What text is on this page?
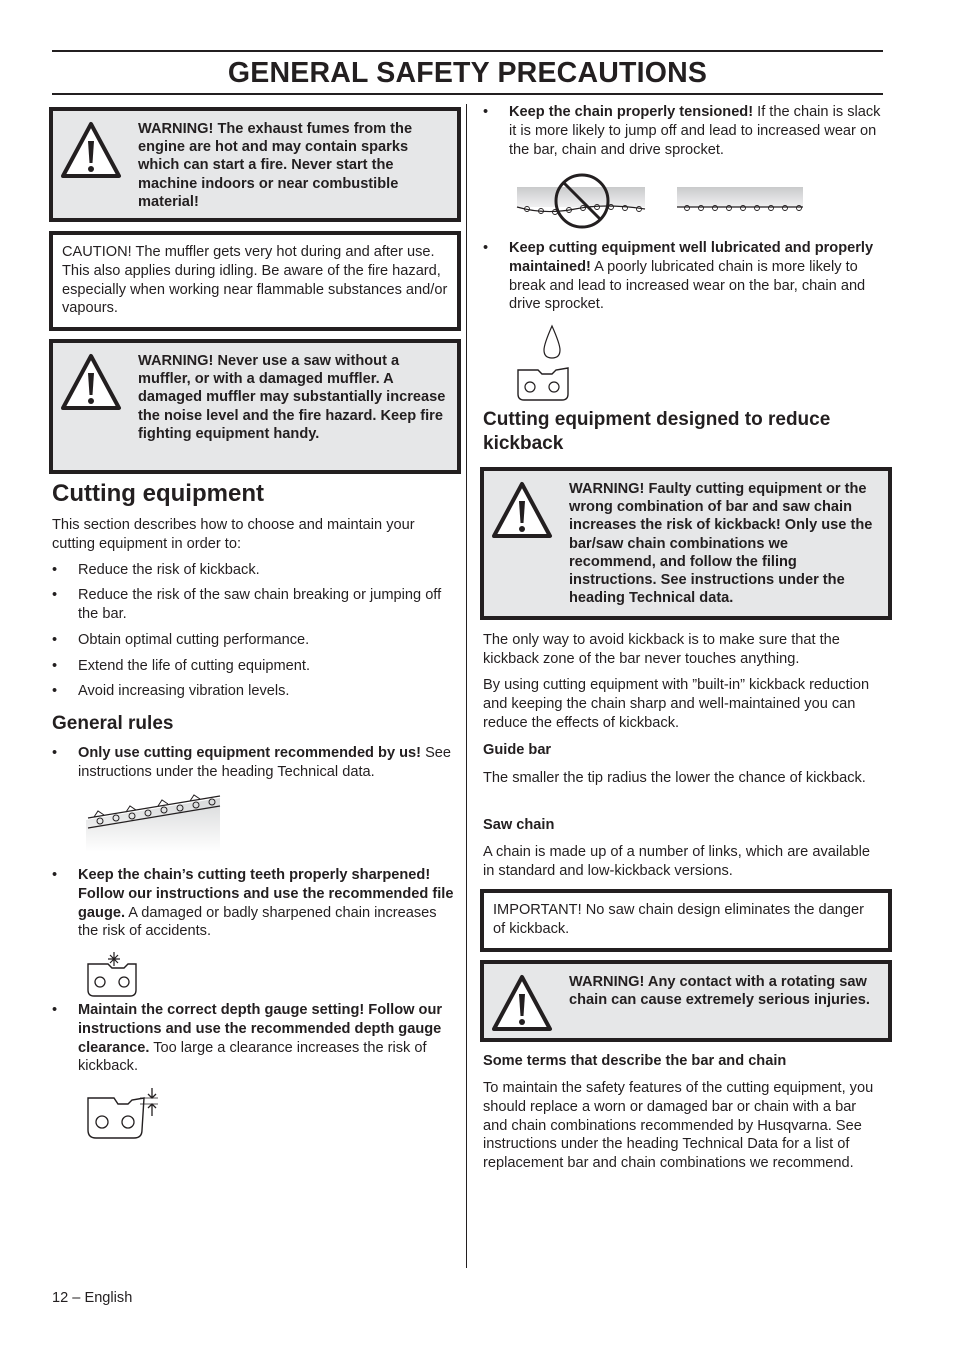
GENERAL SAFETY PRECAUTIONS
WARNING! The exhaust fumes from the engine are hot and may contain sparks which can start a fire. Never start the machine indoors or near combustible material!
CAUTION! The muffler gets very hot during and after use. This also applies during idling. Be aware of the fire hazard, especially when working near flammable substances and/or vapours.
WARNING! Never use a saw without a muffler, or with a damaged muffler. A damaged muffler may substantially increase the noise level and the fire hazard. Keep fire fighting equipment handy.
Cutting equipment

This section describes how to choose and maintain your cutting equipment in order to:

• Reduce the risk of kickback.
• Reduce the risk of the saw chain breaking or jumping off the bar.
• Obtain optimal cutting performance.
• Extend the life of cutting equipment.
• Avoid increasing vibration levels.
General rules
• Only use cutting equipment recommended by us! See instructions under the heading Technical data.
• Keep the chain’s cutting teeth properly sharpened! Follow our instructions and use the recommended file gauge. A damaged or badly sharpened chain increases the risk of accidents.
• Maintain the correct depth gauge setting! Follow our instructions and use the recommended depth gauge clearance. Too large a clearance increases the risk of kickback.
• Keep the chain properly tensioned! If the chain is slack it is more likely to jump off and lead to increased wear on the bar, chain and drive sprocket.
• Keep cutting equipment well lubricated and properly maintained! A poorly lubricated chain is more likely to break and lead to increased wear on the bar, chain and drive sprocket.
Cutting equipment designed to reduce kickback
WARNING! Faulty cutting equipment or the wrong combination of bar and saw chain increases the risk of kickback! Only use the bar/saw chain combinations we recommend, and follow the filing instructions. See instructions under the heading Technical data.

The only way to avoid kickback is to make sure that the kickback zone of the bar never touches anything.

By using cutting equipment with ”built-in” kickback reduction and keeping the chain sharp and well-maintained you can reduce the effects of kickback.

Guide bar

The smaller the tip radius the lower the chance of kickback.

Saw chain

A chain is made up of a number of links, which are available in standard and low-kickback versions.

IMPORTANT! No saw chain design eliminates the danger of kickback.
WARNING! Any contact with a rotating saw chain can cause extremely serious injuries.
Some terms that describe the bar and chain

To maintain the safety features of the cutting equipment, you should replace a worn or damaged bar or chain with a bar and chain combinations recommended by Husqvarna. See instructions under the heading Technical Data for a list of replacement bar and chain combinations we recommend.

12 – English
